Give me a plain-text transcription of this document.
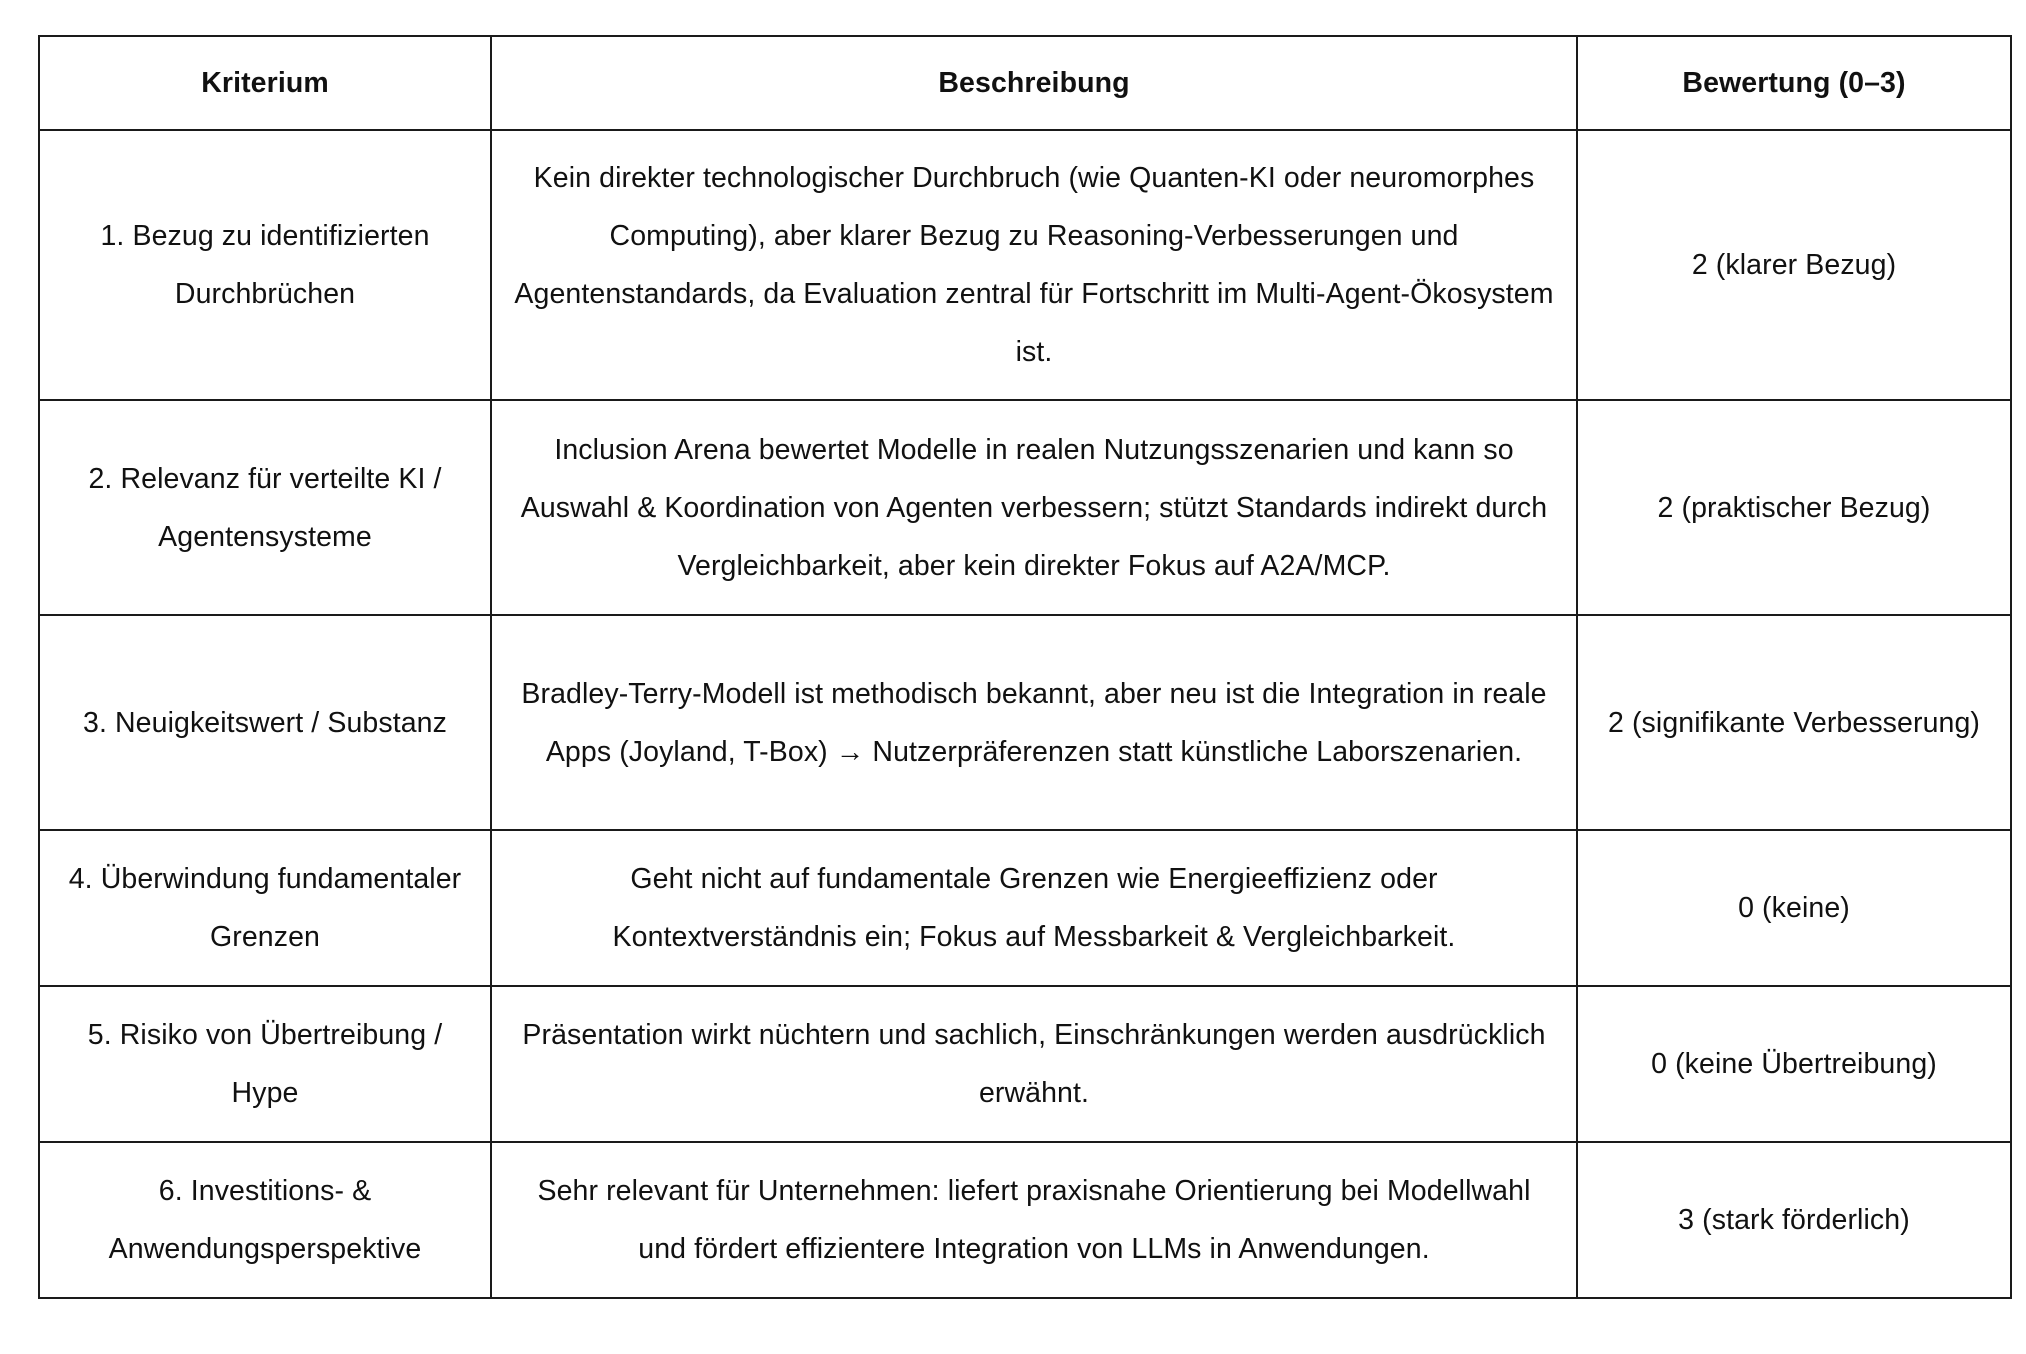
Kriterium	Beschreibung	Bewertung (0–3)
1. Bezug zu identifizierten Durchbrüchen	Kein direkter technologischer Durchbruch (wie Quanten-KI oder neuromorphes Computing), aber klarer Bezug zu Reasoning-Verbesserungen und Agentenstandards, da Evaluation zentral für Fortschritt im Multi-Agent-Ökosystem ist.	2 (klarer Bezug)
2. Relevanz für verteilte KI / Agentensysteme	Inclusion Arena bewertet Modelle in realen Nutzungsszenarien und kann so Auswahl & Koordination von Agenten verbessern; stützt Standards indirekt durch Vergleichbarkeit, aber kein direkter Fokus auf A2A/MCP.	2 (praktischer Bezug)
3. Neuigkeitswert / Substanz	Bradley-Terry-Modell ist methodisch bekannt, aber neu ist die Integration in reale Apps (Joyland, T-Box) → Nutzerpräferenzen statt künstliche Laborszenarien.	2 (signifikante Verbesserung)
4. Überwindung fundamentaler Grenzen	Geht nicht auf fundamentale Grenzen wie Energieeffizienz oder Kontextverständnis ein; Fokus auf Messbarkeit & Vergleichbarkeit.	0 (keine)
5. Risiko von Übertreibung / Hype	Präsentation wirkt nüchtern und sachlich, Einschränkungen werden ausdrücklich erwähnt.	0 (keine Übertreibung)
6. Investitions- & Anwendungsperspektive	Sehr relevant für Unternehmen: liefert praxisnahe Orientierung bei Modellwahl und fördert effizientere Integration von LLMs in Anwendungen.	3 (stark förderlich)
